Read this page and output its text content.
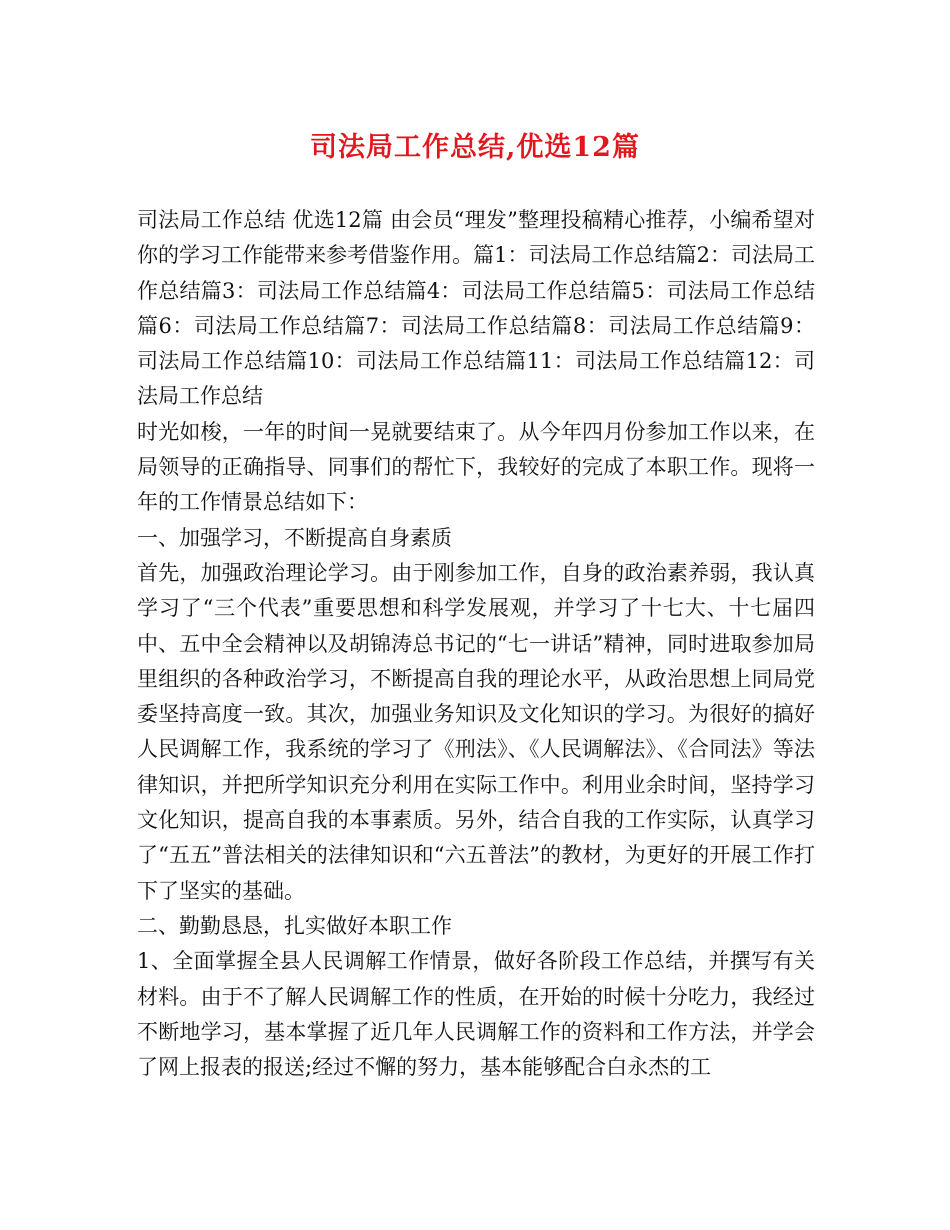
司法局工作总结,优选12篇

司法局工作总结 优选12篇 由会员“理发”整理投稿精心推荐，小编希望对你的学习工作能带来参考借鉴作用。篇1：司法局工作总结篇2：司法局工作总结篇3：司法局工作总结篇4：司法局工作总结篇5：司法局工作总结篇6：司法局工作总结篇7：司法局工作总结篇8：司法局工作总结篇9：司法局工作总结篇10：司法局工作总结篇11：司法局工作总结篇12：司法局工作总结

时光如梭，一年的时间一晃就要结束了。从今年四月份参加工作以来，在局领导的正确指导、同事们的帮忙下，我较好的完成了本职工作。现将一年的工作情景总结如下：

一、加强学习，不断提高自身素质

首先，加强政治理论学习。由于刚参加工作，自身的政治素养弱，我认真学习了“三个代表”重要思想和科学发展观，并学习了十七大、十七届四中、五中全会精神以及胡锦涛总书记的“七一讲话”精神，同时进取参加局里组织的各种政治学习，不断提高自我的理论水平，从政治思想上同局党委坚持高度一致。其次，加强业务知识及文化知识的学习。为很好的搞好人民调解工作，我系统的学习了《刑法》、《人民调解法》、《合同法》等法律知识，并把所学知识充分利用在实际工作中。利用业余时间，坚持学习文化知识，提高自我的本事素质。另外，结合自我的工作实际，认真学习了“五五”普法相关的法律知识和“六五普法”的教材，为更好的开展工作打下了坚实的基础。

二、勤勤恳恳，扎实做好本职工作

1、全面掌握全县人民调解工作情景，做好各阶段工作总结，并撰写有关材料。由于不了解人民调解工作的性质，在开始的时候十分吃力，我经过不断地学习，基本掌握了近几年人民调解工作的资料和工作方法，并学会了网上报表的报送;经过不懈的努力，基本能够配合白永杰的工
